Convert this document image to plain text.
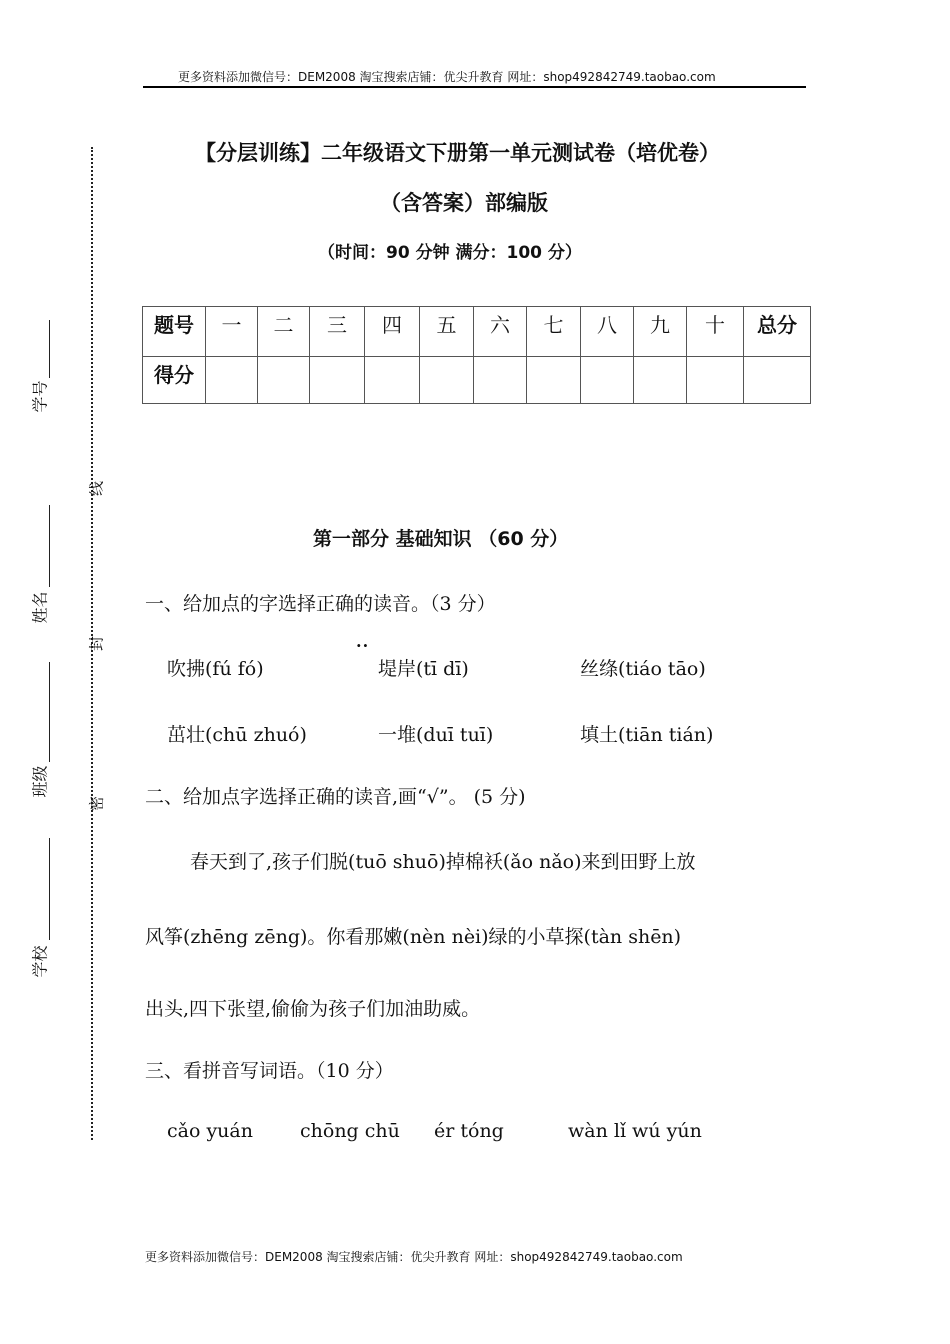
更多资料添加微信号：DEM2008 淘宝搜索店铺：优尖升教育 网址：shop492842749.taobao.com
学号
姓名
班级
学校
线
封
密
【分层训练】二年级语文下册第一单元测试卷（培优卷）
（含答案）部编版
（时间：90 分钟 满分：100 分）
题号	一	二	三	四	五	六	七	八	九	十	总分
得分											
第一部分 基础知识 （60 分）
一、给加点的字选择正确的读音。（3 分）
··
吹拂(fú fó)	堤岸(tī dī)	丝绦(tiáo tāo)
茁壮(chū zhuó)	一堆(duī tuī)	填土(tiān tián)
二、给加点字选择正确的读音,画“√”。 (5 分)
春天到了,孩子们脱(tuō shuō)掉棉袄(ǎo nǎo)来到田野上放
风筝(zhēng zēng)。你看那嫩(nèn nèi)绿的小草探(tàn shēn)
出头,四下张望,偷偷为孩子们加油助威。
三、看拼音写词语。（10 分）
cǎo yuán chōng chū ér tóng	wàn lǐ wú yún
更多资料添加微信号：DEM2008 淘宝搜索店铺：优尖升教育 网址：shop492842749.taobao.com
